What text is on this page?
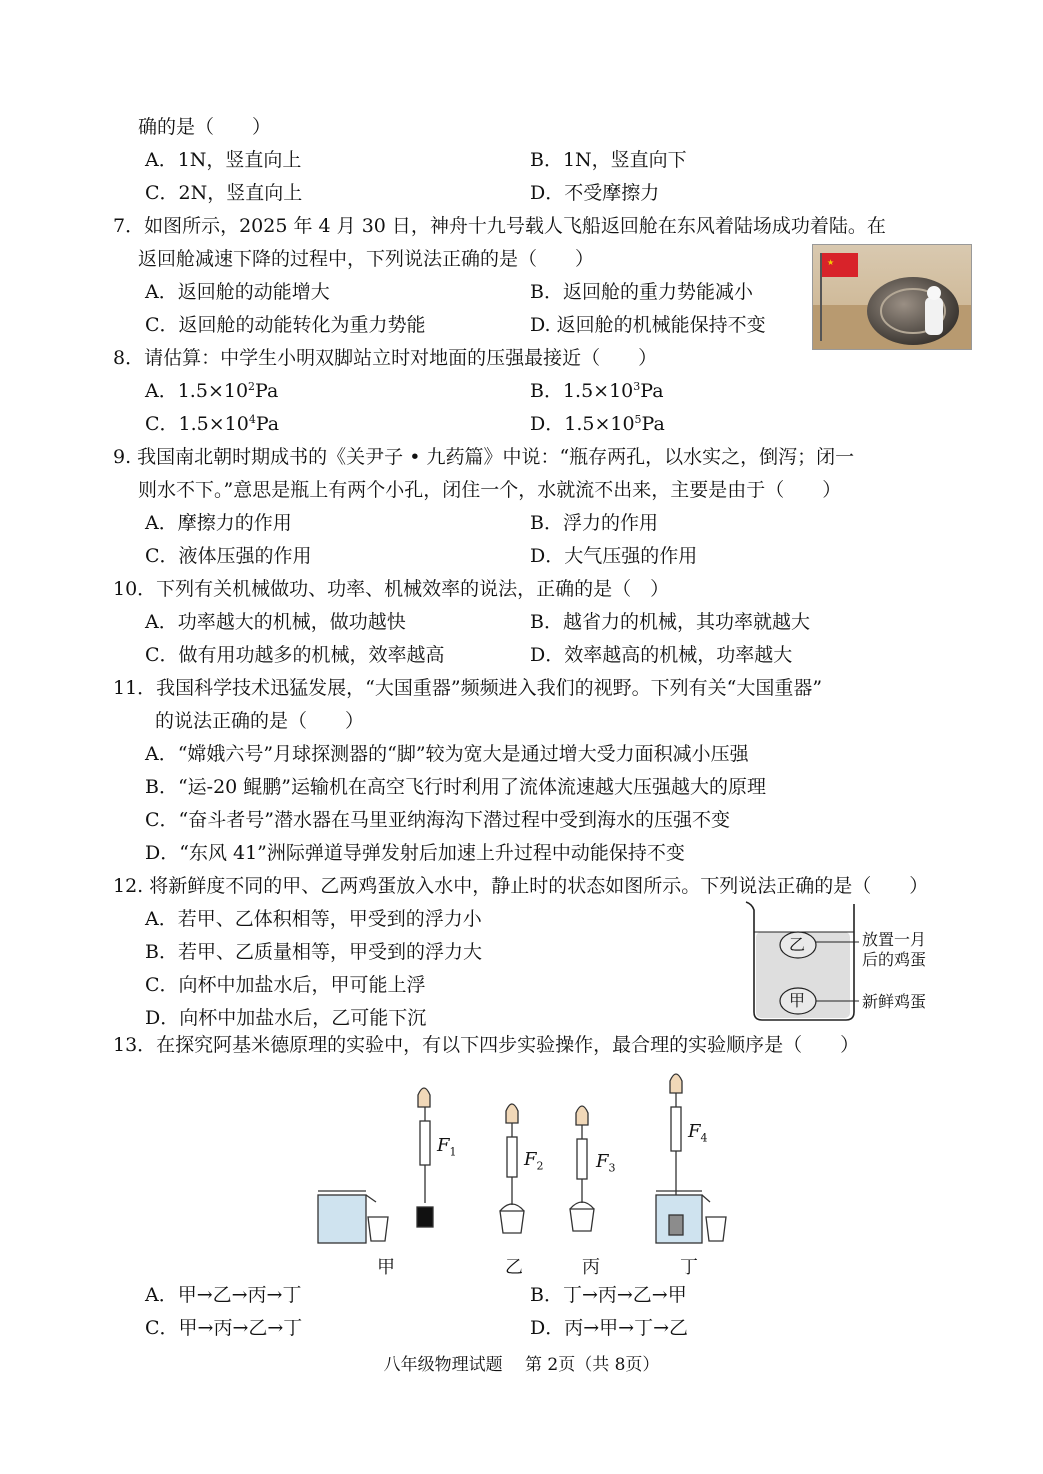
确的是（　　）
A．1N，竖直向上	B．1N，竖直向下
C．2N，竖直向上	D．不受摩擦力
7．如图所示，2025 年 4 月 30 日，神舟十九号载人飞船返回舱在东风着陆场成功着陆。在
返回舱减速下降的过程中，下列说法正确的是（　　）
A．返回舱的动能增大	B．返回舱的重力势能减小
C．返回舱的动能转化为重力势能	D. 返回舱的机械能保持不变
★
8．请估算：中学生小明双脚站立时对地面的压强最接近（　　）
A．$1.5\times 10^2Pa$	B．$1.5\times 10^3Pa$
C．$1.5\times 10^4Pa$	D．$1.5\times 10^5Pa$
9. 我国南北朝时期成书的《关尹子 • 九药篇》中说：“瓶存两孔，以水实之，倒泻；闭一
则水不下。”意思是瓶上有两个小孔，闭住一个，水就流不出来，主要是由于（　　）
A．摩擦力的作用	B．浮力的作用
C．液体压强的作用	D．大气压强的作用
10．下列有关机械做功、功率、机械效率的说法，正确的是（　）
A．功率越大的机械，做功越快	B．越省力的机械，其功率就越大
C．做有用功越多的机械，效率越高	D．效率越高的机械，功率越大
11．我国科学技术迅猛发展，“大国重器”频频进入我们的视野。下列有关“大国重器”
的说法正确的是（　　）
A．“嫦娥六号”月球探测器的“脚”较为宽大是通过增大受力面积减小压强
B．“运-20 鲲鹏”运输机在高空飞行时利用了流体流速越大压强越大的原理
C．“奋斗者号”潜水器在马里亚纳海沟下潜过程中受到海水的压强不变
D．“东风 41”洲际弹道导弹发射后加速上升过程中动能保持不变
12. 将新鲜度不同的甲、乙两鸡蛋放入水中，静止时的状态如图所示。下列说法正确的是（　　）
A．若甲、乙体积相等，甲受到的浮力小
B．若甲、乙质量相等，甲受到的浮力大
C．向杯中加盐水后，甲可能上浮
D．向杯中加盐水后，乙可能下沉
乙
甲
放置一月
后的鸡蛋
新鲜鸡蛋
13．在探究阿基米德原理的实验中，有以下四步实验操作，最合理的实验顺序是（　　）
$F_1$	$F_2$	$F_3$
$F_4$
甲	乙	丙	丁
A．甲→乙→丙→丁	B．丁→丙→乙→甲
C．甲→丙→乙→丁	D．丙→甲→丁→乙
八年级物理试题　 第 2页（共 8页）
